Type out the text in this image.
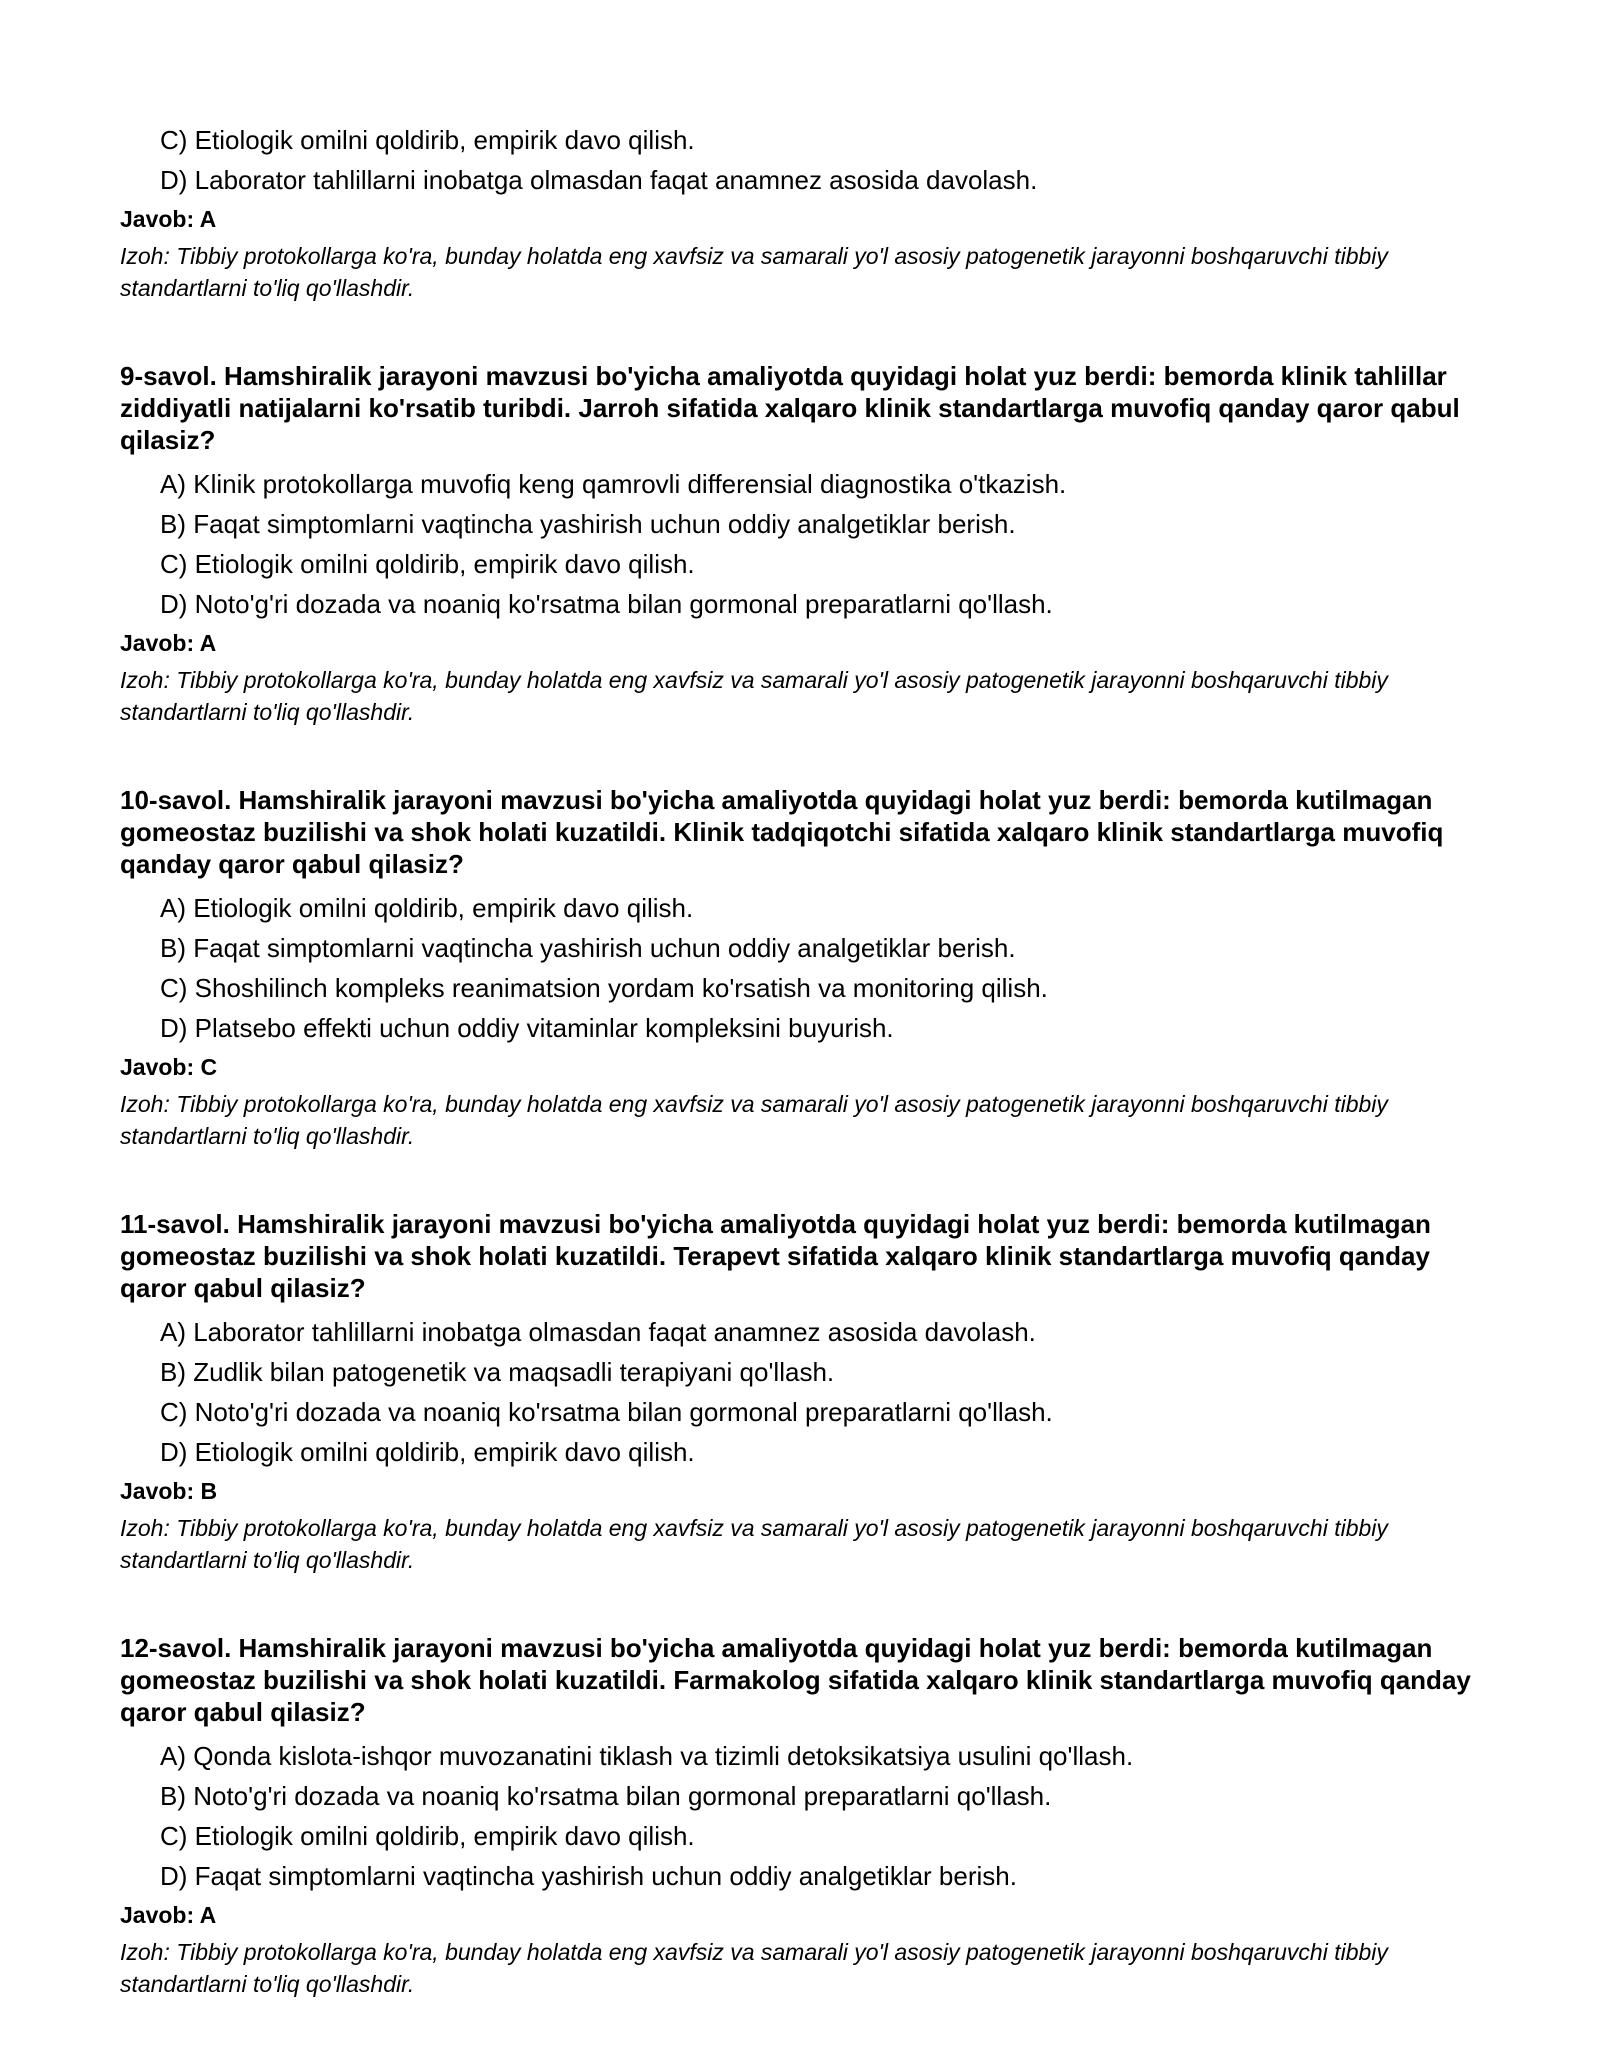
C) Etiologik omilni qoldirib, empirik davo qilish.
D) Laborator tahlillarni inobatga olmasdan faqat anamnez asosida davolash.
Javob: A
Izoh: Tibbiy protokollarga ko'ra, bunday holatda eng xavfsiz va samarali yo'l asosiy patogenetik jarayonni boshqaruvchi tibbiy standartlarni to'liq qo'llashdir.
9-savol. Hamshiralik jarayoni mavzusi bo'yicha amaliyotda quyidagi holat yuz berdi: bemorda klinik tahlillar ziddiyatli natijalarni ko'rsatib turibdi. Jarroh sifatida xalqaro klinik standartlarga muvofiq qanday qaror qabul qilasiz?
A) Klinik protokollarga muvofiq keng qamrovli differensial diagnostika o'tkazish.
B) Faqat simptomlarni vaqtincha yashirish uchun oddiy analgetiklar berish.
C) Etiologik omilni qoldirib, empirik davo qilish.
D) Noto'g'ri dozada va noaniq ko'rsatma bilan gormonal preparatlarni qo'llash.
Javob: A
Izoh: Tibbiy protokollarga ko'ra, bunday holatda eng xavfsiz va samarali yo'l asosiy patogenetik jarayonni boshqaruvchi tibbiy standartlarni to'liq qo'llashdir.
10-savol. Hamshiralik jarayoni mavzusi bo'yicha amaliyotda quyidagi holat yuz berdi: bemorda kutilmagan gomeostaz buzilishi va shok holati kuzatildi. Klinik tadqiqotchi sifatida xalqaro klinik standartlarga muvofiq qanday qaror qabul qilasiz?
A) Etiologik omilni qoldirib, empirik davo qilish.
B) Faqat simptomlarni vaqtincha yashirish uchun oddiy analgetiklar berish.
C) Shoshilinch kompleks reanimatsion yordam ko'rsatish va monitoring qilish.
D) Platsebo effekti uchun oddiy vitaminlar kompleksini buyurish.
Javob: C
Izoh: Tibbiy protokollarga ko'ra, bunday holatda eng xavfsiz va samarali yo'l asosiy patogenetik jarayonni boshqaruvchi tibbiy standartlarni to'liq qo'llashdir.
11-savol. Hamshiralik jarayoni mavzusi bo'yicha amaliyotda quyidagi holat yuz berdi: bemorda kutilmagan gomeostaz buzilishi va shok holati kuzatildi. Terapevt sifatida xalqaro klinik standartlarga muvofiq qanday qaror qabul qilasiz?
A) Laborator tahlillarni inobatga olmasdan faqat anamnez asosida davolash.
B) Zudlik bilan patogenetik va maqsadli terapiyani qo'llash.
C) Noto'g'ri dozada va noaniq ko'rsatma bilan gormonal preparatlarni qo'llash.
D) Etiologik omilni qoldirib, empirik davo qilish.
Javob: B
Izoh: Tibbiy protokollarga ko'ra, bunday holatda eng xavfsiz va samarali yo'l asosiy patogenetik jarayonni boshqaruvchi tibbiy standartlarni to'liq qo'llashdir.
12-savol. Hamshiralik jarayoni mavzusi bo'yicha amaliyotda quyidagi holat yuz berdi: bemorda kutilmagan gomeostaz buzilishi va shok holati kuzatildi. Farmakolog sifatida xalqaro klinik standartlarga muvofiq qanday qaror qabul qilasiz?
A) Qonda kislota-ishqor muvozanatini tiklash va tizimli detoksikatsiya usulini qo'llash.
B) Noto'g'ri dozada va noaniq ko'rsatma bilan gormonal preparatlarni qo'llash.
C) Etiologik omilni qoldirib, empirik davo qilish.
D) Faqat simptomlarni vaqtincha yashirish uchun oddiy analgetiklar berish.
Javob: A
Izoh: Tibbiy protokollarga ko'ra, bunday holatda eng xavfsiz va samarali yo'l asosiy patogenetik jarayonni boshqaruvchi tibbiy standartlarni to'liq qo'llashdir.
